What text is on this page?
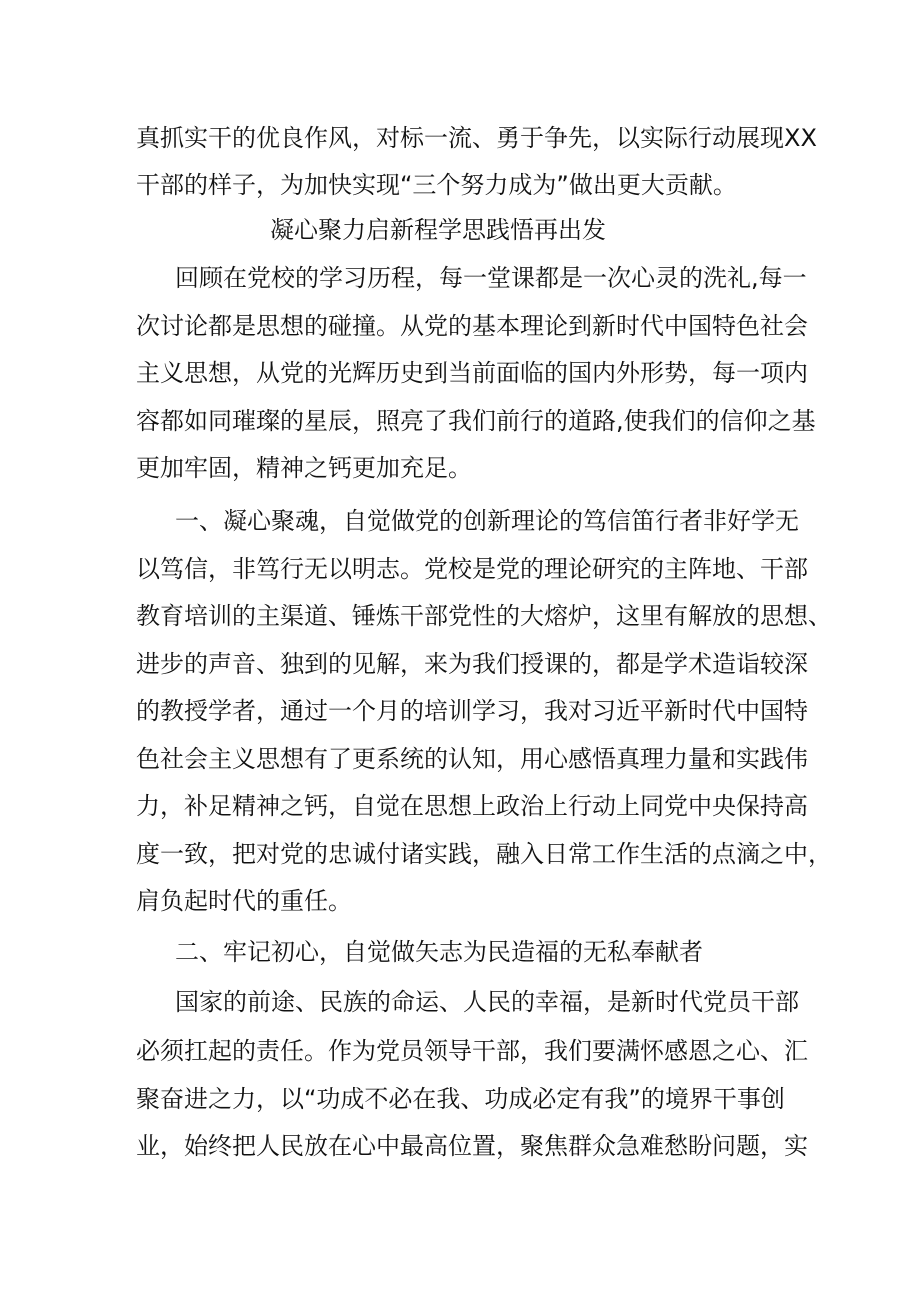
真抓实干的优良作风，对标一流、勇于争先，以实际行动展现XX
干部的样子，为加快实现“三个努力成为”做出更大贡献。
凝心聚力启新程学思践悟再出发
回顾在党校的学习历程，每一堂课都是一次心灵的洗礼,每一
次讨论都是思想的碰撞。从党的基本理论到新时代中国特色社会
主义思想，从党的光辉历史到当前面临的国内外形势，每一项内
容都如同璀璨的星辰，照亮了我们前行的道路,使我们的信仰之基
更加牢固，精神之钙更加充足。
一、凝心聚魂，自觉做党的创新理论的笃信笛行者非好学无
以笃信，非笃行无以明志。党校是党的理论研究的主阵地、干部
教育培训的主渠道、锤炼干部党性的大熔炉，这里有解放的思想、
进步的声音、独到的见解，来为我们授课的，都是学术造诣较深
的教授学者，通过一个月的培训学习，我对习近平新时代中国特
色社会主义思想有了更系统的认知，用心感悟真理力量和实践伟
力，补足精神之钙，自觉在思想上政治上行动上同党中央保持高
度一致，把对党的忠诚付诸实践，融入日常工作生活的点滴之中，
肩负起时代的重任。
二、牢记初心，自觉做矢志为民造福的无私奉献者
国家的前途、民族的命运、人民的幸福，是新时代党员干部
必须扛起的责任。作为党员领导干部，我们要满怀感恩之心、汇
聚奋进之力，以“功成不必在我、功成必定有我”的境界干事创
业，始终把人民放在心中最高位置，聚焦群众急难愁盼问题，实
